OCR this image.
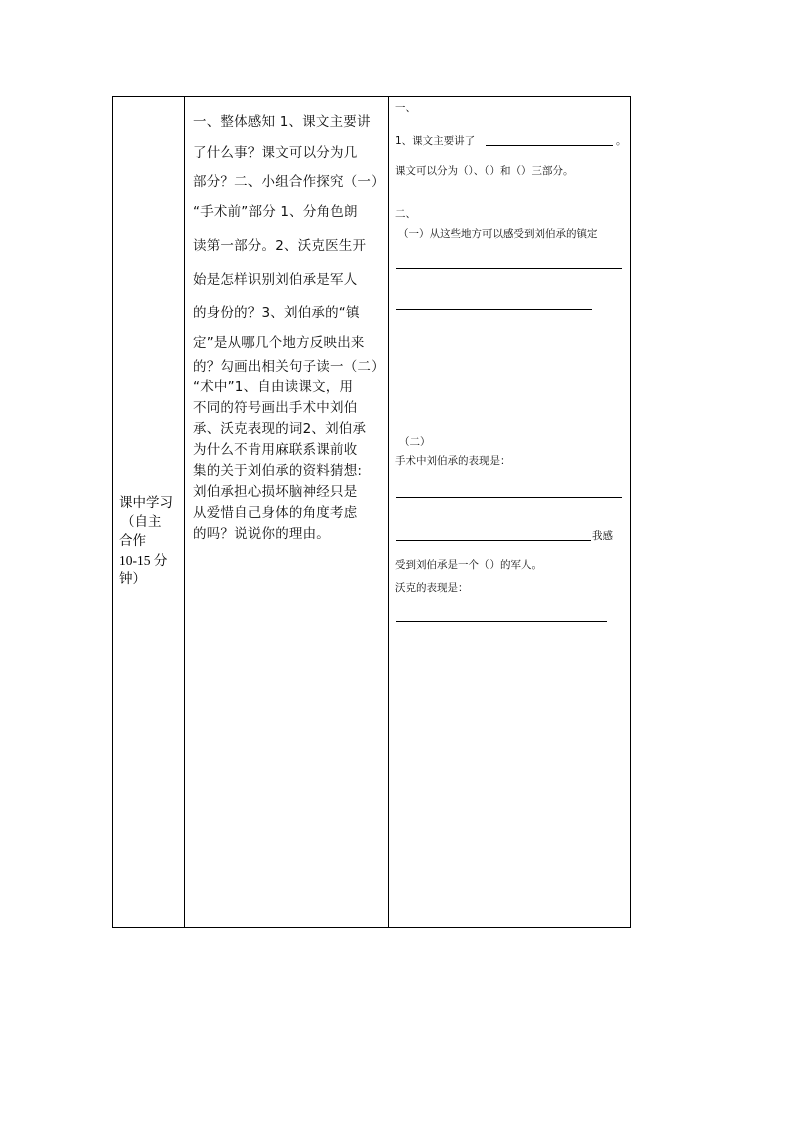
课中学习
（自主
合作
10-15 分
钟）
一、整体感知 1、课文主要讲
了什么事？课文可以分为几
部分？二、小组合作探究（一）
“手术前”部分 1、分角色朗
读第一部分。2、沃克医生开
始是怎样识别刘伯承是军人
的身份的？3、刘伯承的“镇
定”是从哪几个地方反映出来
的？勾画出相关句子读一（二）
“术中”1、自由读课文，用
不同的符号画出手术中刘伯
承、沃克表现的词2、刘伯承
为什么不肯用麻联系课前收
集的关于刘伯承的资料猜想:
刘伯承担心损坏脑神经只是
从爱惜自己身体的角度考虑
的吗？说说你的理由。
一、
1、课文主要讲了	。
课文可以分为（）、（）和（）三部分。
二、
（一）从这些地方可以感受到刘伯承的镇定
（二）
手术中刘伯承的表现是：
我感
受到刘伯承是一个（）的军人。
沃克的表现是：
